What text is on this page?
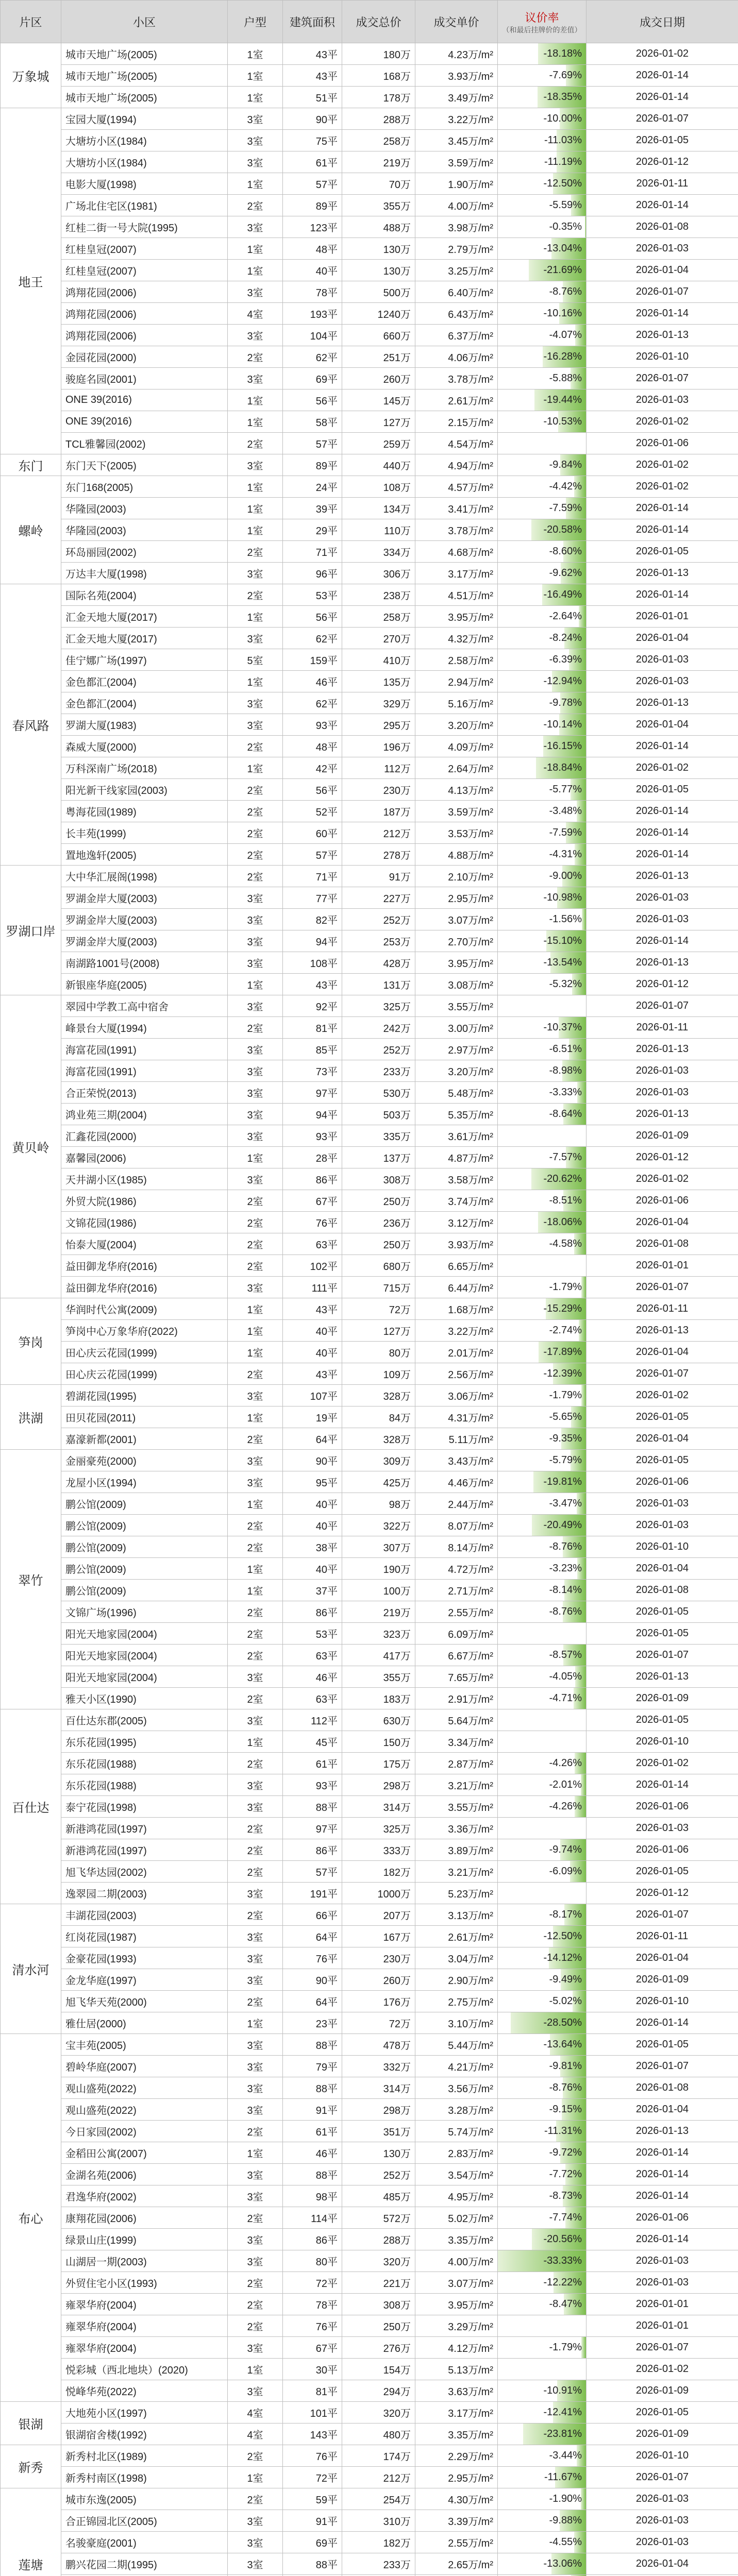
片区	小区	户型	建筑面积	成交总价	成交单价	议价率
（和最后挂牌价的差值）	成交日期
万象城	城市天地广场(2005)	1室	43平	180万	4.23万/m²	-18.18%	2026-01-02
	城市天地广场(2005)	1室	43平	168万	3.93万/m²	-7.69%	2026-01-14
	城市天地广场(2005)	1室	51平	178万	3.49万/m²	-18.35%	2026-01-14
地王	宝园大厦(1994)	3室	90平	288万	3.22万/m²	-10.00%	2026-01-07
	大塘坊小区(1984)	3室	75平	258万	3.45万/m²	-11.03%	2026-01-05
	大塘坊小区(1984)	3室	61平	219万	3.59万/m²	-11.19%	2026-01-12
	电影大厦(1998)	1室	57平	70万	1.90万/m²	-12.50%	2026-01-11
	广场北住宅区(1981)	2室	89平	355万	4.00万/m²	-5.59%	2026-01-14
	红桂二街一号大院(1995)	3室	123平	488万	3.98万/m²	-0.35%	2026-01-08
	红桂皇冠(2007)	1室	48平	130万	2.79万/m²	-13.04%	2026-01-03
	红桂皇冠(2007)	1室	40平	130万	3.25万/m²	-21.69%	2026-01-04
	鸿翔花园(2006)	3室	78平	500万	6.40万/m²	-8.76%	2026-01-07
	鸿翔花园(2006)	4室	193平	1240万	6.43万/m²	-10.16%	2026-01-14
	鸿翔花园(2006)	3室	104平	660万	6.37万/m²	-4.07%	2026-01-13
	金园花园(2000)	2室	62平	251万	4.06万/m²	-16.28%	2026-01-10
	骏庭名园(2001)	3室	69平	260万	3.78万/m²	-5.88%	2026-01-07
	ONE 39(2016)	1室	56平	145万	2.61万/m²	-19.44%	2026-01-03
	ONE 39(2016)	1室	58平	127万	2.15万/m²	-10.53%	2026-01-02
	TCL雅馨园(2002)	2室	57平	259万	4.54万/m²		2026-01-06
东门	东门天下(2005)	3室	89平	440万	4.94万/m²	-9.84%	2026-01-02
螺岭	东门168(2005)	1室	24平	108万	4.57万/m²	-4.42%	2026-01-02
	华隆园(2003)	1室	39平	134万	3.41万/m²	-7.59%	2026-01-14
	华隆园(2003)	1室	29平	110万	3.78万/m²	-20.58%	2026-01-14
	环岛丽园(2002)	2室	71平	334万	4.68万/m²	-8.60%	2026-01-05
	万达丰大厦(1998)	3室	96平	306万	3.17万/m²	-9.62%	2026-01-13
春风路	国际名苑(2004)	2室	53平	238万	4.51万/m²	-16.49%	2026-01-14
	汇金天地大厦(2017)	1室	56平	258万	3.95万/m²	-2.64%	2026-01-01
	汇金天地大厦(2017)	3室	62平	270万	4.32万/m²	-8.24%	2026-01-04
	佳宁娜广场(1997)	5室	159平	410万	2.58万/m²	-6.39%	2026-01-03
	金色都汇(2004)	1室	46平	135万	2.94万/m²	-12.94%	2026-01-03
	金色都汇(2004)	3室	62平	329万	5.16万/m²	-9.78%	2026-01-13
	罗湖大厦(1983)	3室	93平	295万	3.20万/m²	-10.14%	2026-01-04
	森威大厦(2000)	2室	48平	196万	4.09万/m²	-16.15%	2026-01-14
	万科深南广场(2018)	1室	42平	112万	2.64万/m²	-18.84%	2026-01-02
	阳光新干线家园(2003)	2室	56平	230万	4.13万/m²	-5.77%	2026-01-05
	粤海花园(1989)	2室	52平	187万	3.59万/m²	-3.48%	2026-01-14
	长丰苑(1999)	2室	60平	212万	3.53万/m²	-7.59%	2026-01-14
	置地逸轩(2005)	2室	57平	278万	4.88万/m²	-4.31%	2026-01-14
罗湖口岸	大中华汇展阁(1998)	2室	71平	91万	2.10万/m²	-9.00%	2026-01-13
	罗湖金岸大厦(2003)	3室	77平	227万	2.95万/m²	-10.98%	2026-01-03
	罗湖金岸大厦(2003)	3室	82平	252万	3.07万/m²	-1.56%	2026-01-03
	罗湖金岸大厦(2003)	3室	94平	253万	2.70万/m²	-15.10%	2026-01-14
	南湖路1001号(2008)	3室	108平	428万	3.95万/m²	-13.54%	2026-01-13
	新银座华庭(2005)	1室	43平	131万	3.08万/m²	-5.32%	2026-01-12
黄贝岭	翠园中学教工高中宿舍	3室	92平	325万	3.55万/m²		2026-01-07
	峰景台大厦(1994)	2室	81平	242万	3.00万/m²	-10.37%	2026-01-11
	海富花园(1991)	3室	85平	252万	2.97万/m²	-6.51%	2026-01-13
	海富花园(1991)	3室	73平	233万	3.20万/m²	-8.98%	2026-01-03
	合正荣悦(2013)	3室	97平	530万	5.48万/m²	-3.33%	2026-01-03
	鸿业苑三期(2004)	3室	94平	503万	5.35万/m²	-8.64%	2026-01-13
	汇鑫花园(2000)	3室	93平	335万	3.61万/m²		2026-01-09
	嘉馨园(2006)	1室	28平	137万	4.87万/m²	-7.57%	2026-01-12
	天井湖小区(1985)	3室	86平	308万	3.58万/m²	-20.62%	2026-01-02
	外贸大院(1986)	2室	67平	250万	3.74万/m²	-8.51%	2026-01-06
	文锦花园(1986)	2室	76平	236万	3.12万/m²	-18.06%	2026-01-04
	怡泰大厦(2004)	2室	63平	250万	3.93万/m²	-4.58%	2026-01-08
	益田御龙华府(2016)	2室	102平	680万	6.65万/m²		2026-01-01
	益田御龙华府(2016)	3室	111平	715万	6.44万/m²	-1.79%	2026-01-07
笋岗	华润时代公寓(2009)	1室	43平	72万	1.68万/m²	-15.29%	2026-01-11
	笋岗中心万象华府(2022)	1室	40平	127万	3.22万/m²	-2.74%	2026-01-13
	田心庆云花园(1999)	1室	40平	80万	2.01万/m²	-17.89%	2026-01-04
	田心庆云花园(1999)	2室	43平	109万	2.56万/m²	-12.39%	2026-01-07
洪湖	碧湖花园(1995)	3室	107平	328万	3.06万/m²	-1.79%	2026-01-02
	田贝花园(2011)	1室	19平	84万	4.31万/m²	-5.65%	2026-01-05
	嘉濠新都(2001)	2室	64平	328万	5.11万/m²	-9.35%	2026-01-04
翠竹	金丽豪苑(2000)	3室	90平	309万	3.43万/m²	-5.79%	2026-01-05
	龙屋小区(1994)	3室	95平	425万	4.46万/m²	-19.81%	2026-01-06
	鹏公馆(2009)	1室	40平	98万	2.44万/m²	-3.47%	2026-01-03
	鹏公馆(2009)	2室	40平	322万	8.07万/m²	-20.49%	2026-01-03
	鹏公馆(2009)	2室	38平	307万	8.14万/m²	-8.76%	2026-01-10
	鹏公馆(2009)	1室	40平	190万	4.72万/m²	-3.23%	2026-01-04
	鹏公馆(2009)	1室	37平	100万	2.71万/m²	-8.14%	2026-01-08
	文锦广场(1996)	2室	86平	219万	2.55万/m²	-8.76%	2026-01-05
	阳光天地家园(2004)	2室	53平	323万	6.09万/m²		2026-01-05
	阳光天地家园(2004)	2室	63平	417万	6.67万/m²	-8.57%	2026-01-07
	阳光天地家园(2004)	3室	46平	355万	7.65万/m²	-4.05%	2026-01-13
	雅天小区(1990)	2室	63平	183万	2.91万/m²	-4.71%	2026-01-09
百仕达	百仕达东郡(2005)	3室	112平	630万	5.64万/m²		2026-01-05
	东乐花园(1995)	1室	45平	150万	3.34万/m²		2026-01-10
	东乐花园(1988)	2室	61平	175万	2.87万/m²	-4.26%	2026-01-02
	东乐花园(1988)	3室	93平	298万	3.21万/m²	-2.01%	2026-01-14
	泰宁花园(1998)	3室	88平	314万	3.55万/m²	-4.26%	2026-01-06
	新港鸿花园(1997)	2室	97平	325万	3.36万/m²		2026-01-03
	新港鸿花园(1997)	2室	86平	333万	3.89万/m²	-9.74%	2026-01-06
	旭飞华达园(2002)	2室	57平	182万	3.21万/m²	-6.09%	2026-01-05
	逸翠园二期(2003)	3室	191平	1000万	5.23万/m²		2026-01-12
清水河	丰湖花园(2003)	2室	66平	207万	3.13万/m²	-8.17%	2026-01-07
	红岗花园(1987)	3室	64平	167万	2.61万/m²	-12.50%	2026-01-11
	金豪花园(1993)	3室	76平	230万	3.04万/m²	-14.12%	2026-01-04
	金龙华庭(1997)	3室	90平	260万	2.90万/m²	-9.49%	2026-01-09
	旭飞华天苑(2000)	2室	64平	176万	2.75万/m²	-5.02%	2026-01-10
	雅仕居(2000)	1室	23平	72万	3.10万/m²	-28.50%	2026-01-14
布心	宝丰苑(2005)	3室	88平	478万	5.44万/m²	-13.64%	2026-01-05
	碧岭华庭(2007)	3室	79平	332万	4.21万/m²	-9.81%	2026-01-07
	观山盛苑(2022)	3室	88平	314万	3.56万/m²	-8.76%	2026-01-08
	观山盛苑(2022)	3室	91平	298万	3.28万/m²	-9.15%	2026-01-04
	今日家园(2002)	2室	61平	351万	5.74万/m²	-11.31%	2026-01-13
	金稻田公寓(2007)	1室	46平	130万	2.83万/m²	-9.72%	2026-01-14
	金湖名苑(2006)	3室	88平	252万	3.54万/m²	-7.72%	2026-01-14
	君逸华府(2002)	3室	98平	485万	4.95万/m²	-8.73%	2026-01-14
	康翔花园(2006)	2室	114平	572万	5.02万/m²	-7.74%	2026-01-06
	绿景山庄(1999)	3室	86平	288万	3.35万/m²	-20.56%	2026-01-14
	山湖居一期(2003)	3室	80平	320万	4.00万/m²	-33.33%	2026-01-03
	外贸住宅小区(1993)	2室	72平	221万	3.07万/m²	-12.22%	2026-01-03
	雍翠华府(2004)	2室	78平	308万	3.95万/m²	-8.47%	2026-01-01
	雍翠华府(2004)	2室	76平	250万	3.29万/m²		2026-01-01
	雍翠华府(2004)	3室	67平	276万	4.12万/m²	-1.79%	2026-01-07
	悦彩城（西北地块）(2020)	1室	30平	154万	5.13万/m²		2026-01-02
	悦峰华苑(2022)	3室	81平	294万	3.63万/m²	-10.91%	2026-01-09
银湖	大地苑小区(1997)	4室	101平	320万	3.17万/m²	-12.41%	2026-01-05
	银湖宿舍楼(1992)	4室	143平	480万	3.35万/m²	-23.81%	2026-01-09
新秀	新秀村北区(1989)	2室	76平	174万	2.29万/m²	-3.44%	2026-01-10
	新秀村南区(1998)	1室	72平	212万	2.95万/m²	-11.67%	2026-01-07
莲塘	城市东逸(2005)	2室	59平	254万	4.30万/m²	-1.90%	2026-01-03
	合正锦园北区(2005)	3室	91平	310万	3.39万/m²	-9.88%	2026-01-03
	名骏豪庭(2001)	3室	69平	182万	2.55万/m²	-4.55%	2026-01-03
	鹏兴花园二期(1995)	3室	88平	233万	2.65万/m²	-13.06%	2026-01-04
